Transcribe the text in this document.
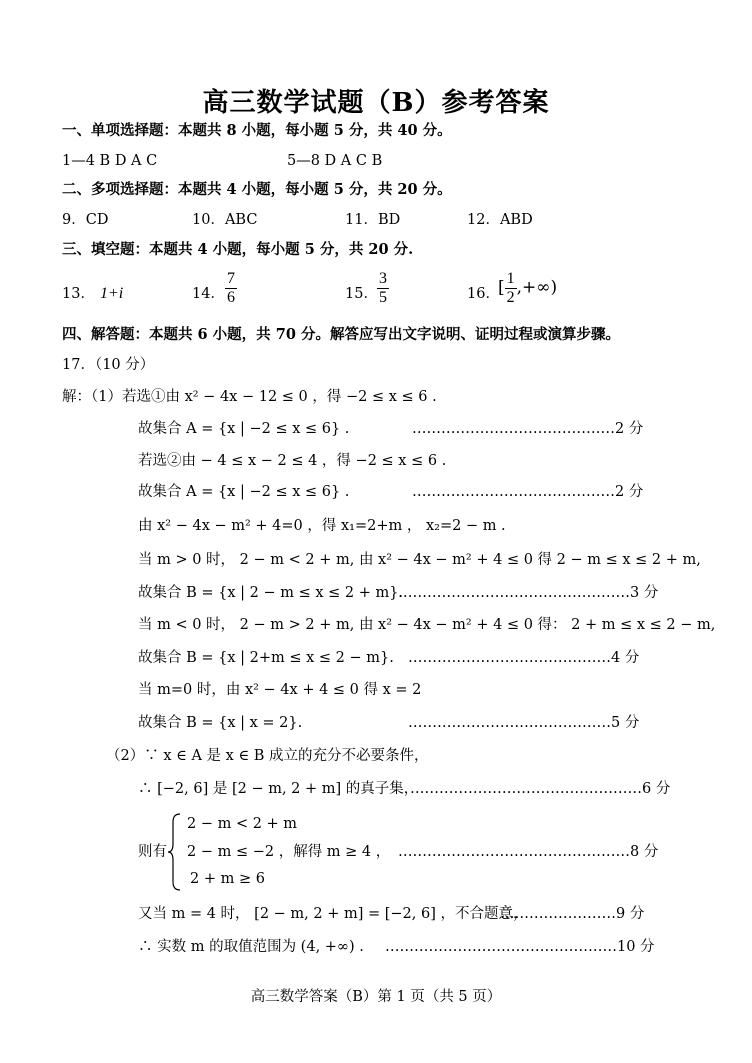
高三数学试题（B）参考答案
一、单项选择题：本题共 8 小题，每小题 5 分，共 40 分。
1—4 B D A C	5—8 D A C B
二、多项选择题：本题共 4 小题，每小题 5 分，共 20 分。
9．CD	10．ABC	11．BD	12．ABD
三、填空题：本题共 4 小题，每小题 5 分，共 20 分.
13． 1+i	14． $\frac{7}{6}$	15． $\frac{3}{5}$	16．
[ $\frac{1}{2}$ ,+∞)
四、解答题：本题共 6 小题，共 70 分。解答应写出文字说明、证明过程或演算步骤。
17．（10 分）
解：（1）若选①由 x² − 4x − 12 ≤ 0 ，得 −2 ≤ x ≤ 6 .
故集合 A = {x | −2 ≤ x ≤ 6} .	……………………………………2 分
若选②由 − 4 ≤ x − 2 ≤ 4 ，得 −2 ≤ x ≤ 6 .
故集合 A = {x | −2 ≤ x ≤ 6} .	……………………………………2 分
由 x² − 4x − m² + 4=0 ，得 x₁=2+m ， x₂=2 − m .
当 m > 0 时， 2 − m < 2 + m, 由 x² − 4x − m² + 4 ≤ 0 得 2 − m ≤ x ≤ 2 + m,
故集合 B = {x | 2 − m ≤ x ≤ 2 + m}.
…………………………………………3 分
当 m < 0 时， 2 − m > 2 + m, 由 x² − 4x − m² + 4 ≤ 0 得： 2 + m ≤ x ≤ 2 − m,
故集合 B = {x | 2+m ≤ x ≤ 2 − m}. ……………………………………4 分
当 m=0 时，由 x² − 4x + 4 ≤ 0 得 x = 2
故集合 B = {x | x = 2}.	……………………………………5 分
（2）∵ x ∈ A 是 x ∈ B 成立的充分不必要条件，
∴ [−2, 6] 是 [2 − m, 2 + m] 的真子集，
…………………………………………6 分
2 − m < 2 + m
则有 2 − m ≤ −2 ，解得 m ≥ 4 ， …………………………………………8 分
2 + m ≥ 6
又当 m = 4 时， [2 − m, 2 + m] = [−2, 6] ，不合题意，
……………………9 分
∴ 实数 m 的取值范围为 (4, +∞) . …………………………………………10 分
高三数学答案（B）第 1 页（共 5 页）
